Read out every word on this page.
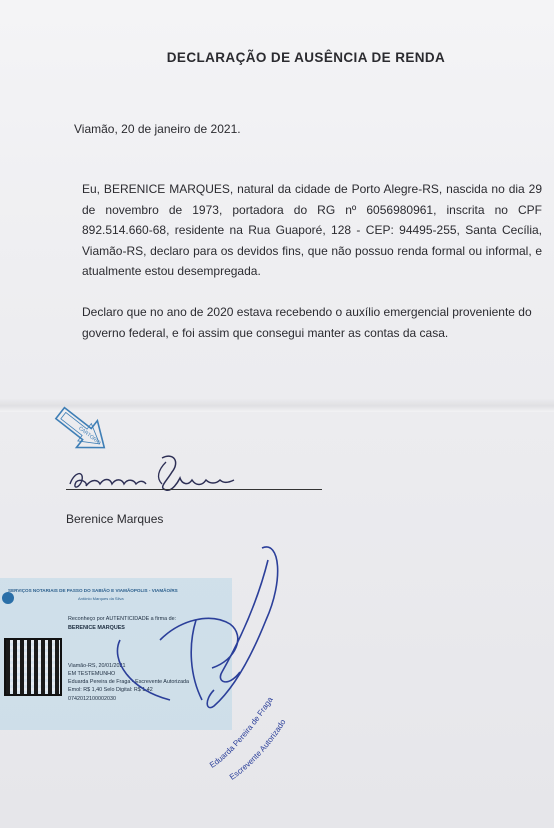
DECLARAÇÃO DE AUSÊNCIA DE RENDA
Viamão, 20 de janeiro de 2021.
Eu, BERENICE MARQUES, natural da cidade de Porto Alegre-RS, nascida no dia 29 de novembro de 1973, portadora do RG nº 6056980961, inscrita no CPF 892.514.660-68, residente na Rua Guaporé, 128 - CEP: 94495-255, Santa Cecília, Viamão-RS, declaro para os devidos fins, que não possuo renda formal ou informal, e atualmente estou desempregada.
Declaro que no ano de 2020 estava recebendo o auxílio emergencial proveniente do governo federal, e foi assim que consegui manter as contas da casa.
CARTÓRIO
Berenice Marques
SERVIÇOS NOTARIAIS DE PASSO DO SABIÃO E VIAMÃOPOLIS - VIAMÃO/RS
Antônio Marques da Silva
Reconheço por AUTENTICIDADE a firma de:
BERENICE MARQUES
Viamão-RS, 20/01/2021
EM TESTEMUNHO
Eduarda Pereira de Fraga - Escrevente Autorizada
Emol: R$ 1,40 Selo Digital: R$ 1,42
0742012100002030
Eduarda Pereira de Fraga
Escrevente Autorizado
